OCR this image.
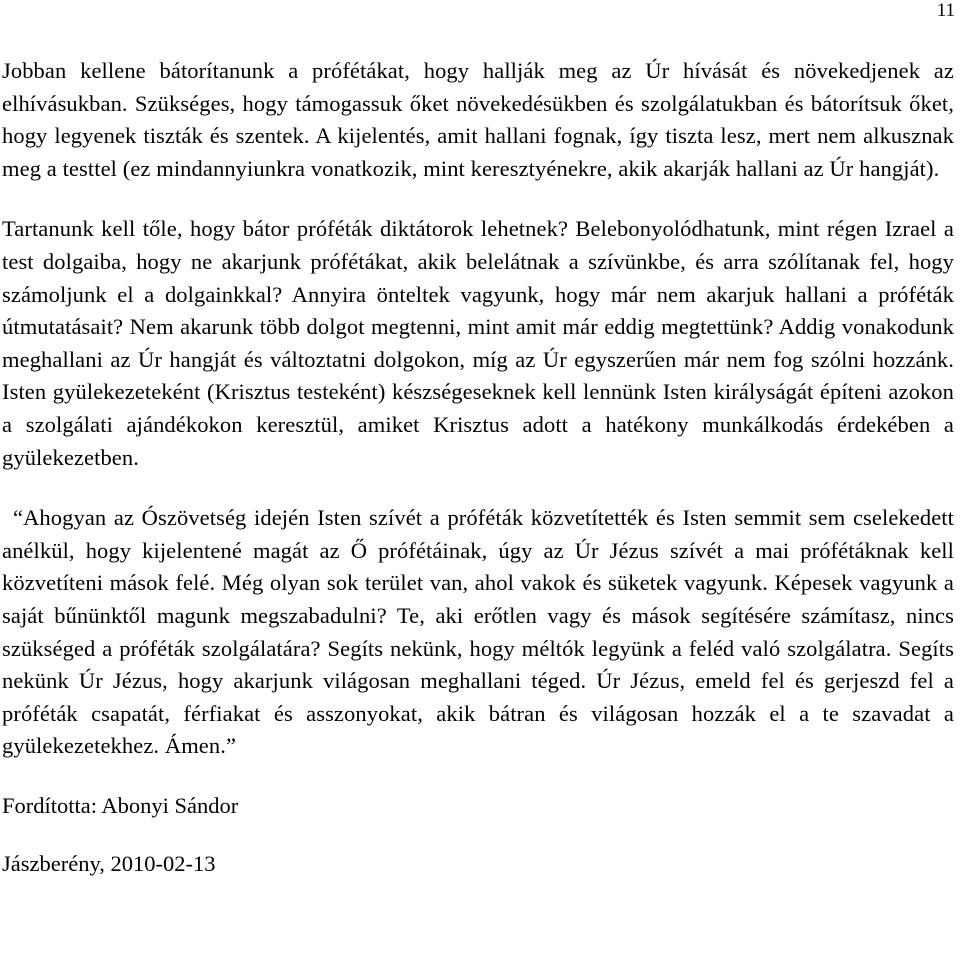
11

Jobban kellene bátorítanunk a prófétákat, hogy hallják meg az Úr hívását és növekedjenek az elhívásukban. Szükséges, hogy támogassuk őket növekedésükben és szolgálatukban és bátorítsuk őket, hogy legyenek tiszták és szentek. A kijelentés, amit hallani fognak, így tiszta lesz, mert nem alkusznak meg a testtel (ez mindannyiunkra vonatkozik, mint keresztyénekre, akik akarják hallani az Úr hangját).

Tartanunk kell tőle, hogy bátor próféták diktátorok lehetnek? Belebonyolódhatunk, mint régen Izrael a test dolgaiba, hogy ne akarjunk prófétákat, akik belelátnak a szívünkbe, és arra szólítanak fel, hogy számoljunk el a dolgainkkal? Annyira önteltek vagyunk, hogy már nem akarjuk hallani a próféták útmutatásait? Nem akarunk több dolgot megtenni, mint amit már eddig megtettünk? Addig vonakodunk meghallani az Úr hangját és változtatni dolgokon, míg az Úr egyszerűen már nem fog szólni hozzánk. Isten gyülekezeteként (Krisztus testeként) készségeseknek kell lennünk Isten királyságát építeni azokon a szolgálati ajándékokon keresztül, amiket Krisztus adott a hatékony munkálkodás érdekében a gyülekezetben.

“Ahogyan az Ószövetség idején Isten szívét a próféták közvetítették és Isten semmit sem cselekedett anélkül, hogy kijelentené magát az Ő prófétáinak, úgy az Úr Jézus szívét a mai prófétáknak kell közvetíteni mások felé. Még olyan sok terület van, ahol vakok és süketek vagyunk. Képesek vagyunk a saját bűnünktől magunk megszabadulni? Te, aki erőtlen vagy és mások segítésére számítasz, nincs szükséged a próféták szolgálatára? Segíts nekünk, hogy méltók legyünk a feléd való szolgálatra. Segíts nekünk Úr Jézus, hogy akarjunk világosan meghallani téged. Úr Jézus, emeld fel és gerjeszd fel a próféták csapatát, férfiakat és asszonyokat, akik bátran és világosan hozzák el a te szavadat a gyülekezetekhez. Ámen.”

Fordította: Abonyi Sándor

Jászberény, 2010-02-13
